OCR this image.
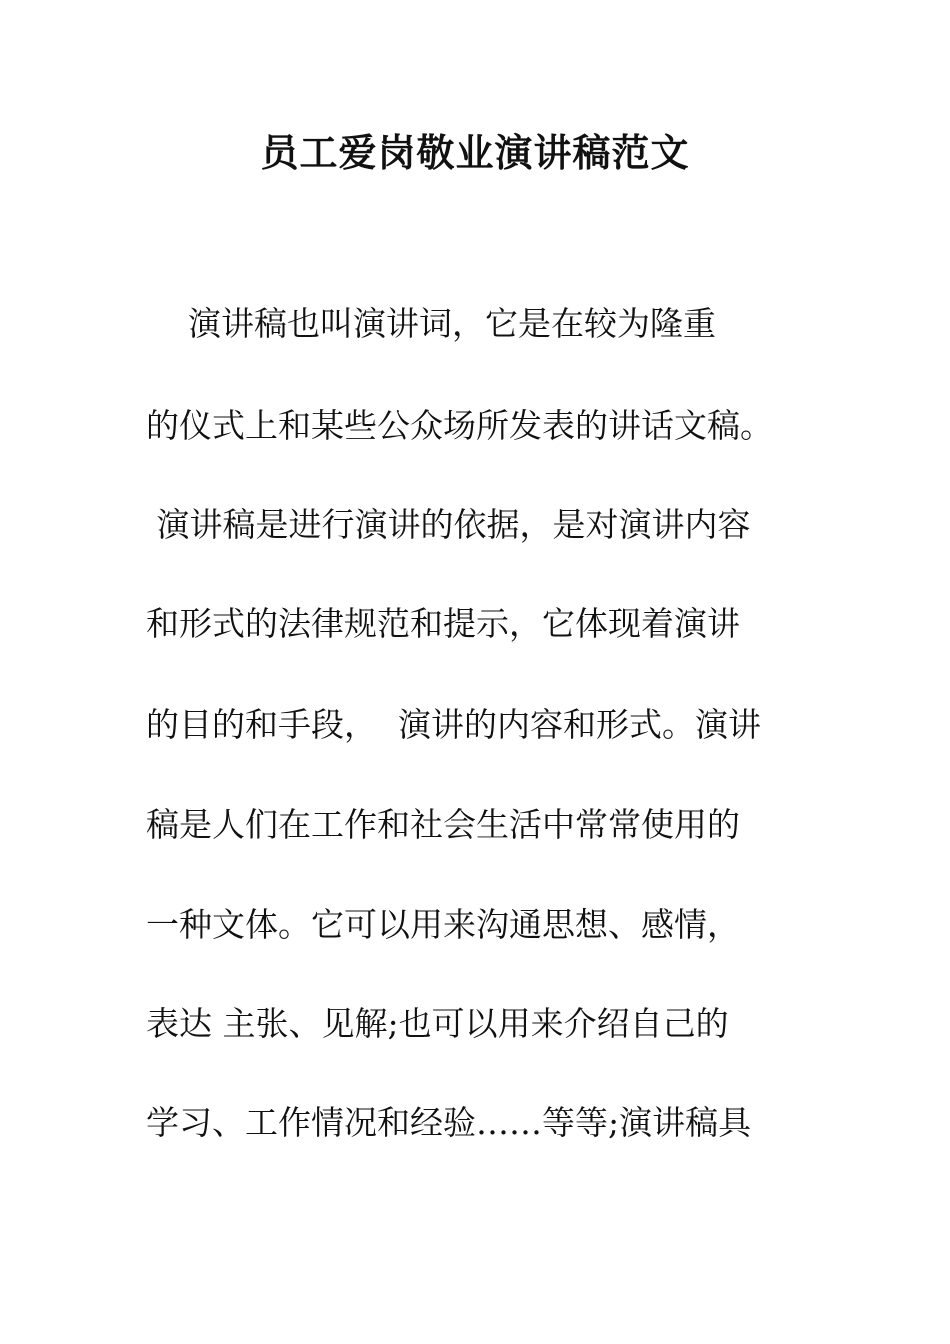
员工爱岗敬业演讲稿范文
演讲稿也叫演讲词，它是在较为隆重
的仪式上和某些公众场所发表的讲话文稿。
演讲稿是进行演讲的依据，是对演讲内容
和形式的法律规范和提示，它体现着演讲
的目的和手段，  演讲的内容和形式。演讲
稿是人们在工作和社会生活中常常使用的
一种文体。它可以用来沟通思想、感情，
表达 主张、见解;也可以用来介绍自己的
学习、工作情况和经验……等等;演讲稿具
